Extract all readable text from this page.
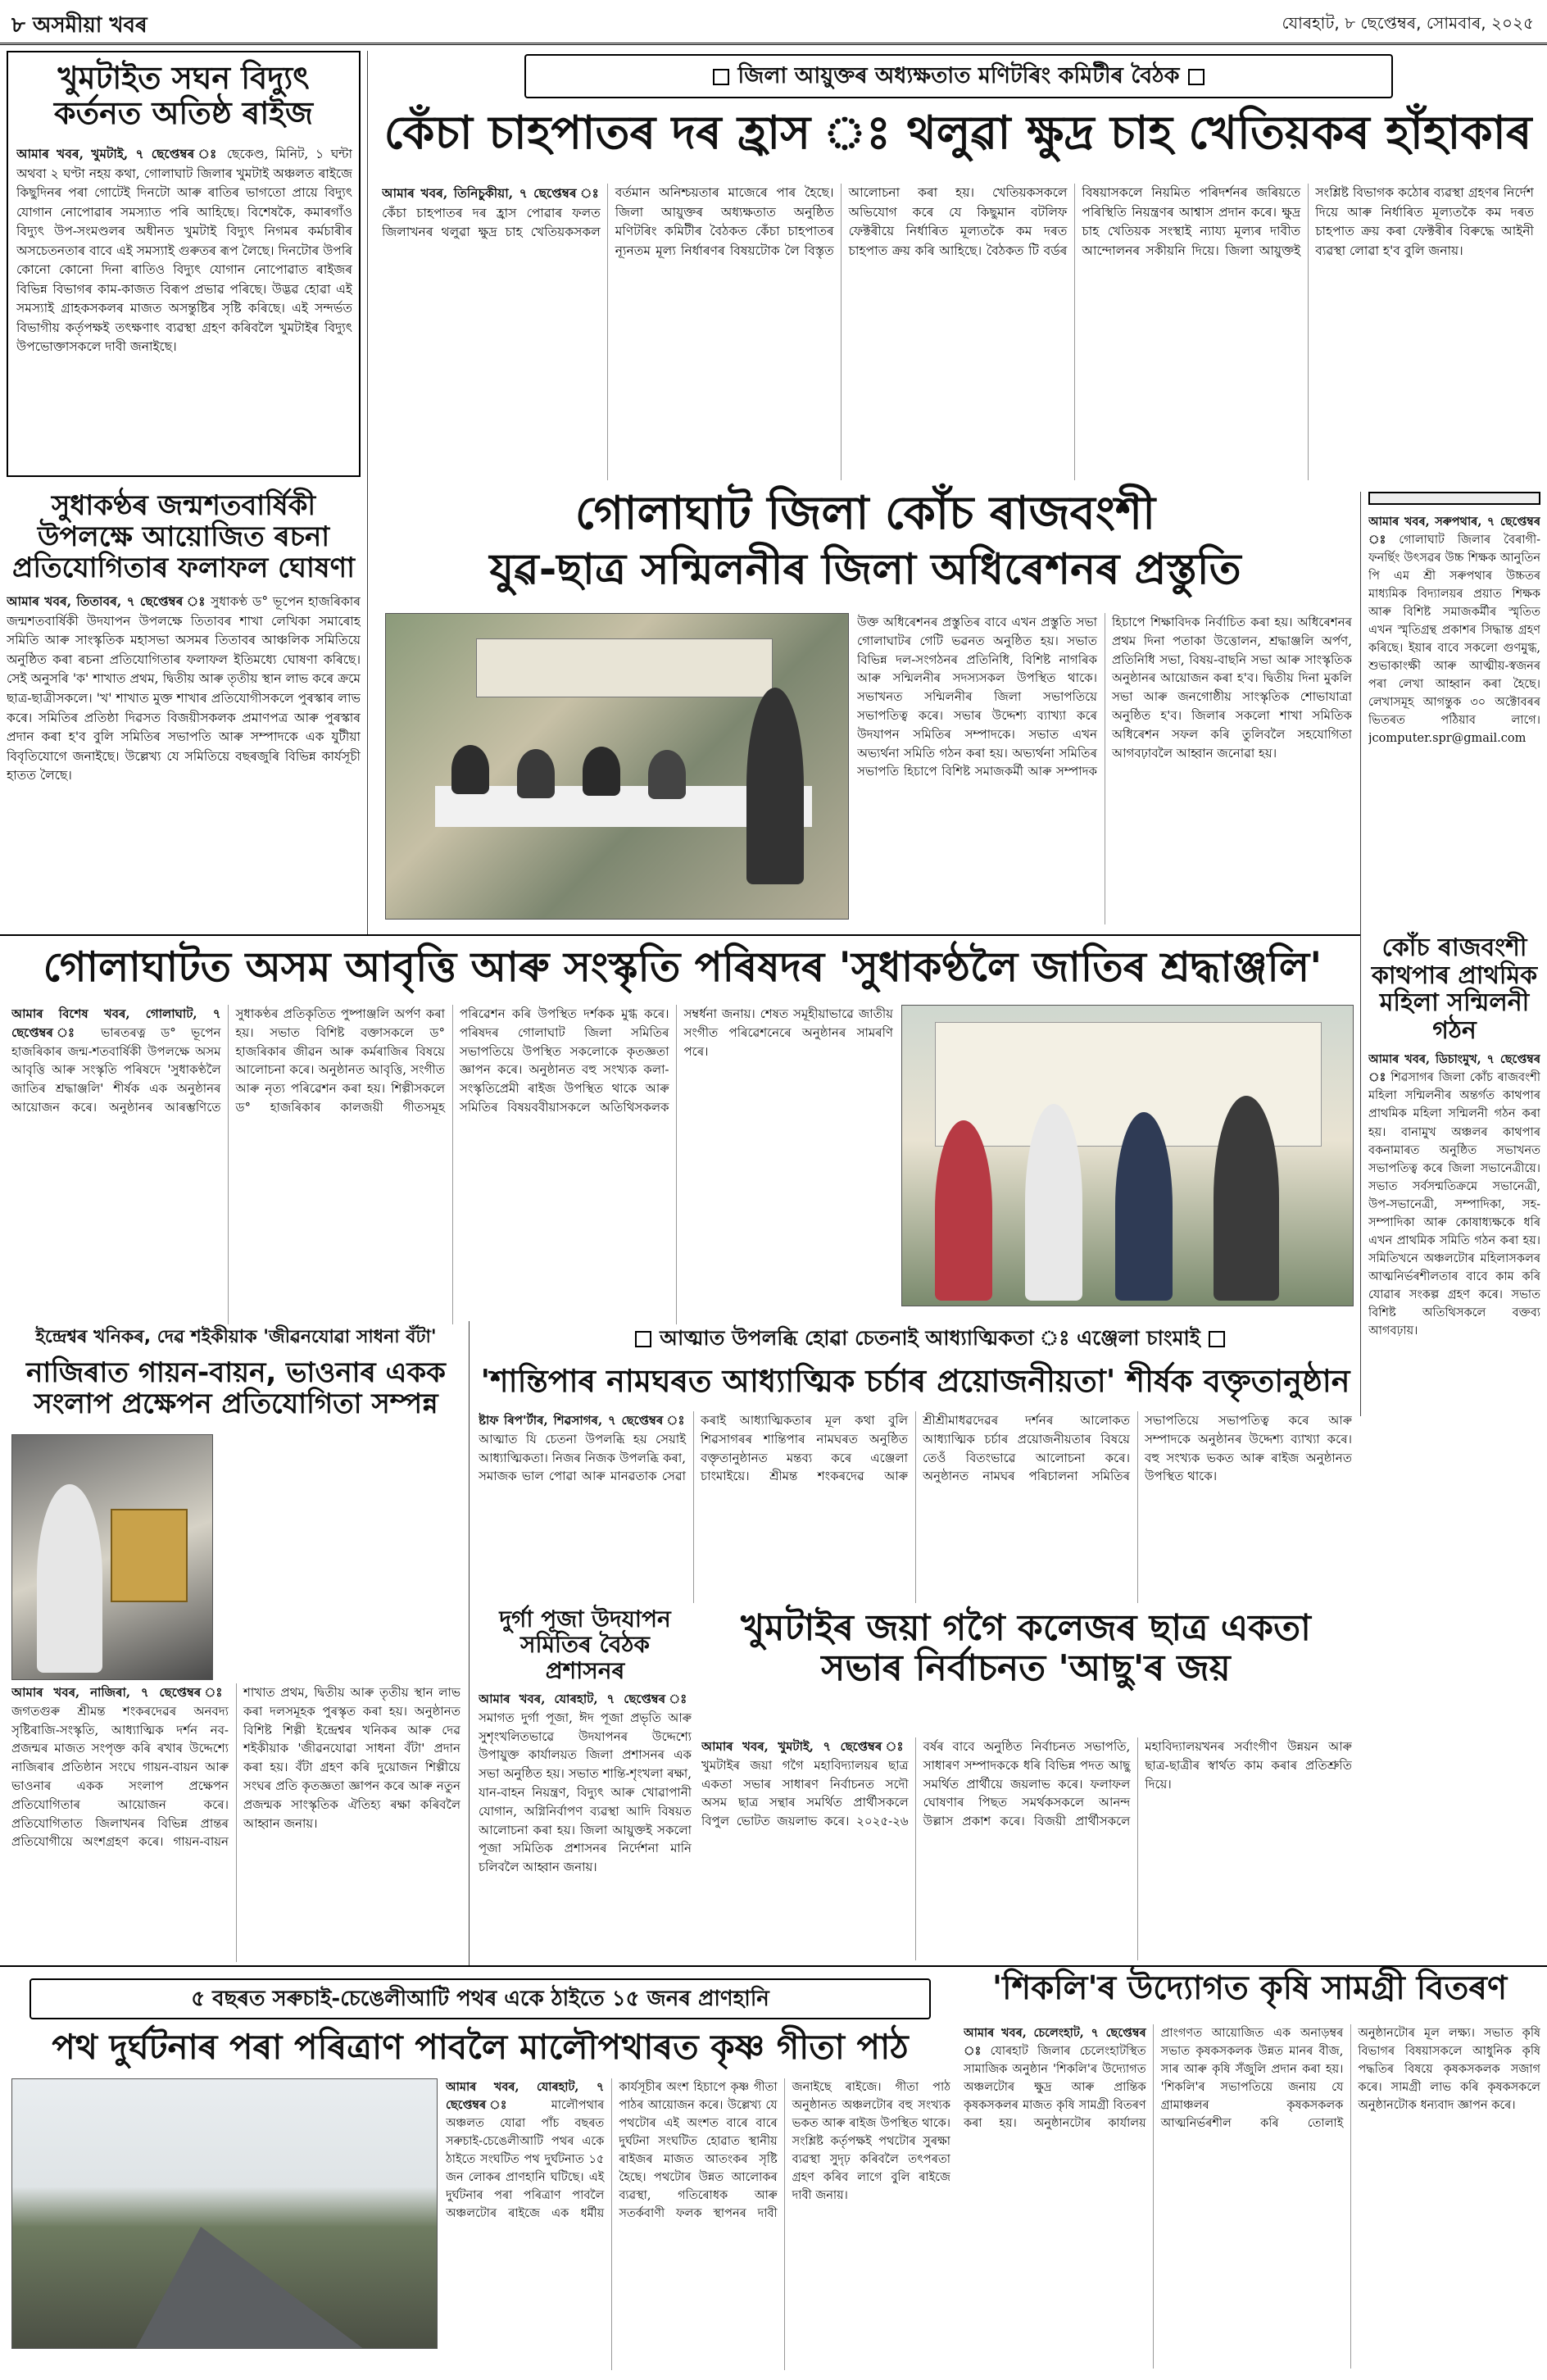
৮ অসমীয়া খবৰ	যোৰহাট, ৮ ছেপ্তেম্বৰ, সোমবাৰ, ২০২৫
খুমটাইত সঘন বিদ্যুৎ কৰ্তনত অতিষ্ঠ ৰাইজ
আমাৰ খবৰ, খুমটাই, ৭ ছেপ্তেম্বৰ ঃ ছেকেণ্ড, মিনিট, ১ ঘন্টা অথবা ২ ঘণ্টা নহয় কথা, গোলাঘাট জিলাৰ খুমটাই অঞ্চলত ৰাইজে কিছুদিনৰ পৰা গোটেই দিনটো আৰু ৰাতিৰ ভাগতো প্ৰায়ে বিদ্যুৎ যোগান নোপোৱাৰ সমস্যাত পৰি আহিছে। বিশেষকৈ, কমাৰগাঁও বিদ্যুৎ উপ-সংমণ্ডলৰ অধীনত খুমটাই বিদ্যুৎ নিগমৰ কৰ্মচাৰীৰ অসচেতনতাৰ বাবে এই সমস্যাই গুৰুতৰ ৰূপ লৈছে। দিনটোৰ উপৰি কোনো কোনো দিনা ৰাতিও বিদ্যুৎ যোগান নোপোৱাত ৰাইজৰ বিভিন্ন বিভাগৰ কাম-কাজত বিৰূপ প্ৰভাৱ পৰিছে। উদ্ভৱ হোৱা এই সমস্যাই গ্ৰাহকসকলৰ মাজত অসন্তুষ্টিৰ সৃষ্টি কৰিছে। এই সন্দৰ্ভত বিভাগীয় কৰ্তৃপক্ষই তৎক্ষণাৎ ব্যৱস্থা গ্ৰহণ কৰিবলৈ খুমটাইৰ বিদ্যুৎ উপভোক্তাসকলে দাবী জনাইছে।
সুধাকণ্ঠৰ জন্মশতবাৰ্ষিকী উপলক্ষে আয়োজিত ৰচনা প্ৰতিযোগিতাৰ ফলাফল ঘোষণা
আমাৰ খবৰ, তিতাবৰ, ৭ ছেপ্তেম্বৰ ঃ সুধাকণ্ঠ ড° ভূপেন হাজৰিকাৰ জন্মশতবাৰ্ষিকী উদযাপন উপলক্ষে তিতাবৰ শাখা লেখিকা সমাৰোহ সমিতি আৰু সাংস্কৃতিক মহাসভা অসমৰ তিতাবৰ আঞ্চলিক সমিতিয়ে অনুষ্ঠিত কৰা ৰচনা প্ৰতিযোগিতাৰ ফলাফল ইতিমধ্যে ঘোষণা কৰিছে। সেই অনুসৰি 'ক' শাখাত প্ৰথম, দ্বিতীয় আৰু তৃতীয় স্থান লাভ কৰে ক্ৰমে ছাত্ৰ-ছাত্ৰীসকলে। 'খ' শাখাত মুক্ত শাখাৰ প্ৰতিযোগীসকলে পুৰস্কাৰ লাভ কৰে। সমিতিৰ প্ৰতিষ্ঠা দিৱসত বিজয়ীসকলক প্ৰমাণপত্ৰ আৰু পুৰস্কাৰ প্ৰদান কৰা হ'ব বুলি সমিতিৰ সভাপতি আৰু সম্পাদকে এক যুটীয়া বিবৃতিযোগে জনাইছে। উল্লেখ্য যে সমিতিয়ে বছৰজুৰি বিভিন্ন কাৰ্যসূচী হাতত লৈছে।
জিলা আয়ুক্তৰ অধ্যক্ষতাত মণিটৰিং কমিটীৰ বৈঠক
কেঁচা চাহপাতৰ দৰ হ্ৰাস ঃ থলুৱা ক্ষুদ্ৰ চাহ খেতিয়কৰ হাঁহাকাৰ
আমাৰ খবৰ, তিনিচুকীয়া, ৭ ছেপ্তেম্বৰ ঃ কেঁচা চাহপাতৰ দৰ হ্ৰাস পোৱাৰ ফলত জিলাখনৰ থলুৱা ক্ষুদ্ৰ চাহ খেতিয়কসকল বৰ্তমান অনিশ্চয়তাৰ মাজেৰে পাৰ হৈছে। জিলা আয়ুক্তৰ অধ্যক্ষতাত অনুষ্ঠিত মণিটৰিং কমিটীৰ বৈঠকত কেঁচা চাহপাতৰ ন্যূনতম মূল্য নিৰ্ধাৰণৰ বিষয়টোক লৈ বিস্তৃত আলোচনা কৰা হয়। খেতিয়কসকলে অভিযোগ কৰে যে কিছুমান বটলিফ ফেক্টৰীয়ে নিৰ্ধাৰিত মূল্যতকৈ কম দৰত চাহপাত ক্ৰয় কৰি আহিছে। বৈঠকত টি বৰ্ডৰ বিষয়াসকলে নিয়মিত পৰিদৰ্শনৰ জৰিয়তে পৰিস্থিতি নিয়ন্ত্ৰণৰ আশ্বাস প্ৰদান কৰে। ক্ষুদ্ৰ চাহ খেতিয়ক সংস্থাই ন্যায্য মূল্যৰ দাবীত আন্দোলনৰ সকীয়নি দিয়ে। জিলা আয়ুক্তই সংশ্লিষ্ট বিভাগক কঠোৰ ব্যৱস্থা গ্ৰহণৰ নিৰ্দেশ দিয়ে আৰু নিৰ্ধাৰিত মূল্যতকৈ কম দৰত চাহপাত ক্ৰয় কৰা ফেক্টৰীৰ বিৰুদ্ধে আইনী ব্যৱস্থা লোৱা হ'ব বুলি জনায়।
আমাৰ খবৰ, সৰুপথাৰ, ৭ ছেপ্তেম্বৰ ঃ গোলাঘাট জিলাৰ বৈৰাগী-ফনৰ্ছিং উৎসৱৰ উচ্চ শিক্ষক আনুতিন পি এম শ্ৰী সৰুপথাৰ উচ্চতৰ মাধ্যমিক বিদ্যালয়ৰ প্ৰয়াত শিক্ষক আৰু বিশিষ্ট সমাজকৰ্মীৰ স্মৃতিত এখন স্মৃতিগ্ৰন্থ প্ৰকাশৰ সিদ্ধান্ত গ্ৰহণ কৰিছে। ইয়াৰ বাবে সকলো গুণমুগ্ধ, শুভাকাংক্ষী আৰু আত্মীয়-স্বজনৰ পৰা লেখা আহ্বান কৰা হৈছে। লেখাসমূহ আগন্তুক ৩০ অক্টোবৰৰ ভিতৰত পঠিয়াব লাগে। jcomputer.spr@gmail.com
গোলাঘাট জিলা কোঁচ ৰাজবংশী
যুৱ-ছাত্ৰ সন্মিলনীৰ জিলা অধিৰেশনৰ প্ৰস্তুতি
উক্ত অধিৰেশনৰ প্ৰস্তুতিৰ বাবে এখন প্ৰস্তুতি সভা গোলাঘাটৰ গেটি ভৱনত অনুষ্ঠিত হয়। সভাত বিভিন্ন দল-সংগঠনৰ প্ৰতিনিধি, বিশিষ্ট নাগৰিক আৰু সন্মিলনীৰ সদস্যসকল উপস্থিত থাকে। সভাখনত সন্মিলনীৰ জিলা সভাপতিয়ে সভাপতিত্ব কৰে। সভাৰ উদ্দেশ্য ব্যাখ্যা কৰে উদযাপন সমিতিৰ সম্পাদকে। সভাত এখন অভ্যৰ্থনা সমিতি গঠন কৰা হয়। অভ্যৰ্থনা সমিতিৰ সভাপতি হিচাপে বিশিষ্ট সমাজকৰ্মী আৰু সম্পাদক হিচাপে শিক্ষাবিদক নিৰ্বাচিত কৰা হয়। অধিৰেশনৰ প্ৰথম দিনা পতাকা উত্তোলন, শ্ৰদ্ধাঞ্জলি অৰ্পণ, প্ৰতিনিধি সভা, বিষয়-বাছনি সভা আৰু সাংস্কৃতিক অনুষ্ঠানৰ আয়োজন কৰা হ'ব। দ্বিতীয় দিনা মুকলি সভা আৰু জনগোষ্ঠীয় সাংস্কৃতিক শোভাযাত্ৰা অনুষ্ঠিত হ'ব। জিলাৰ সকলো শাখা সমিতিক অধিৰেশন সফল কৰি তুলিবলৈ সহযোগিতা আগবঢ়াবলৈ আহ্বান জনোৱা হয়।
গোলাঘাটত অসম আবৃত্তি আৰু সংস্কৃতি পৰিষদৰ 'সুধাকণ্ঠলৈ জাতিৰ শ্ৰদ্ধাঞ্জলি'
আমাৰ বিশেষ খবৰ, গোলাঘাট, ৭ ছেপ্তেম্বৰ ঃ ভাৰতৰত্ন ড° ভূপেন হাজৰিকাৰ জন্ম-শতবাৰ্ষিকী উপলক্ষে অসম আবৃত্তি আৰু সংস্কৃতি পৰিষদে 'সুধাকণ্ঠলৈ জাতিৰ শ্ৰদ্ধাঞ্জলি' শীৰ্ষক এক অনুষ্ঠানৰ আয়োজন কৰে। অনুষ্ঠানৰ আৰম্ভণিতে সুধাকণ্ঠৰ প্ৰতিকৃতিত পুষ্পাঞ্জলি অৰ্পণ কৰা হয়। সভাত বিশিষ্ট বক্তাসকলে ড° হাজৰিকাৰ জীৱন আৰু কৰ্মৰাজিৰ বিষয়ে আলোচনা কৰে। অনুষ্ঠানত আবৃত্তি, সংগীত আৰু নৃত্য পৰিৱেশন কৰা হয়। শিল্পীসকলে ড° হাজৰিকাৰ কালজয়ী গীতসমূহ পৰিৱেশন কৰি উপস্থিত দৰ্শকক মুগ্ধ কৰে। পৰিষদৰ গোলাঘাট জিলা সমিতিৰ সভাপতিয়ে উপস্থিত সকলোকে কৃতজ্ঞতা জ্ঞাপন কৰে। অনুষ্ঠানত বহু সংখ্যক কলা-সংস্কৃতিপ্ৰেমী ৰাইজ উপস্থিত থাকে আৰু সমিতিৰ বিষয়ববীয়াসকলে অতিথিসকলক সম্বৰ্ধনা জনায়। শেষত সমূহীয়াভাৱে জাতীয় সংগীত পৰিৱেশনেৰে অনুষ্ঠানৰ সামৰণি পৰে।
ইন্দ্ৰেশ্বৰ খনিকৰ, দেৱ শইকীয়াক 'জীৱনযোৱা সাধনা বঁটা'
নাজিৰাত গায়ন-বায়ন, ভাওনাৰ একক সংলাপ প্ৰক্ষেপন প্ৰতিযোগিতা সম্পন্ন
আমাৰ খবৰ, নাজিৰা, ৭ ছেপ্তেম্বৰ ঃ জগতগুৰু শ্ৰীমন্ত শংকৰদেৱৰ অনবদ্য সৃষ্টিৰাজি-সংস্কৃতি, আধ্যাত্মিক দৰ্শন নব-প্ৰজন্মৰ মাজত সংপৃক্ত কৰি ৰখাৰ উদ্দেশ্যে নাজিৰাৰ প্ৰতিষ্ঠান সংঘে গায়ন-বায়ন আৰু ভাওনাৰ একক সংলাপ প্ৰক্ষেপন প্ৰতিযোগিতাৰ আয়োজন কৰে। প্ৰতিযোগিতাত জিলাখনৰ বিভিন্ন প্ৰান্তৰ প্ৰতিযোগীয়ে অংশগ্ৰহণ কৰে। গায়ন-বায়ন শাখাত প্ৰথম, দ্বিতীয় আৰু তৃতীয় স্থান লাভ কৰা দলসমূহক পুৰস্কৃত কৰা হয়। অনুষ্ঠানত বিশিষ্ট শিল্পী ইন্দ্ৰেশ্বৰ খনিকৰ আৰু দেৱ শইকীয়াক 'জীৱনযোৱা সাধনা বঁটা' প্ৰদান কৰা হয়। বঁটা গ্ৰহণ কৰি দুয়োজন শিল্পীয়ে সংঘৰ প্ৰতি কৃতজ্ঞতা জ্ঞাপন কৰে আৰু নতুন প্ৰজন্মক সাংস্কৃতিক ঐতিহ্য ৰক্ষা কৰিবলৈ আহ্বান জনায়।
আত্মাত উপলব্ধি হোৱা চেতনাই আধ্যাত্মিকতা ঃ এঞ্জেলা চাংমাই
'শান্তিপাৰ নামঘৰত আধ্যাত্মিক চৰ্চাৰ প্ৰয়োজনীয়তা' শীৰ্ষক বক্তৃতানুষ্ঠান
ষ্টাফ ৰিপ'ৰ্টাৰ, শিৱসাগৰ, ৭ ছেপ্তেম্বৰ ঃ আত্মাত যি চেতনা উপলব্ধি হয় সেয়াই আধ্যাত্মিকতা। নিজৰ নিজক উপলব্ধি কৰা, সমাজক ভাল পোৱা আৰু মানৱতাক সেৱা কৰাই আধ্যাত্মিকতাৰ মূল কথা বুলি শিৱসাগৰৰ শান্তিপাৰ নামঘৰত অনুষ্ঠিত বক্তৃতানুষ্ঠানত মন্তব্য কৰে এঞ্জেলা চাংমাইয়ে। শ্ৰীমন্ত শংকৰদেৱ আৰু শ্ৰীশ্ৰীমাধৱদেৱৰ দৰ্শনৰ আলোকত আধ্যাত্মিক চৰ্চাৰ প্ৰয়োজনীয়তাৰ বিষয়ে তেওঁ বিতংভাৱে আলোচনা কৰে। অনুষ্ঠানত নামঘৰ পৰিচালনা সমিতিৰ সভাপতিয়ে সভাপতিত্ব কৰে আৰু সম্পাদকে অনুষ্ঠানৰ উদ্দেশ্য ব্যাখ্যা কৰে। বহু সংখ্যক ভকত আৰু ৰাইজ অনুষ্ঠানত উপস্থিত থাকে।
দুৰ্গা পূজা উদযাপন সমিতিৰ বৈঠক প্ৰশাসনৰ
আমাৰ খবৰ, যোৰহাট, ৭ ছেপ্তেম্বৰ ঃ সমাগত দুৰ্গা পূজা, ঈদ পূজা প্ৰভৃতি আৰু সুশৃংখলিতভাৱে উদযাপনৰ উদ্দেশ্যে উপায়ুক্ত কাৰ্যালয়ত জিলা প্ৰশাসনৰ এক সভা অনুষ্ঠিত হয়। সভাত শান্তি-শৃংখলা ৰক্ষা, যান-বাহন নিয়ন্ত্ৰণ, বিদ্যুৎ আৰু খোৱাপানী যোগান, অগ্নিনিৰ্বাপণ ব্যৱস্থা আদি বিষয়ত আলোচনা কৰা হয়। জিলা আয়ুক্তই সকলো পূজা সমিতিক প্ৰশাসনৰ নিৰ্দেশনা মানি চলিবলৈ আহ্বান জনায়।
খুমটাইৰ জয়া গগৈ কলেজৰ ছাত্ৰ একতা সভাৰ নিৰ্বাচনত 'আছু'ৰ জয়
আমাৰ খবৰ, খুমটাই, ৭ ছেপ্তেম্বৰ ঃ খুমটাইৰ জয়া গগৈ মহাবিদ্যালয়ৰ ছাত্ৰ একতা সভাৰ সাধাৰণ নিৰ্বাচনত সদৌ অসম ছাত্ৰ সন্থাৰ সমৰ্থিত প্ৰাৰ্থীসকলে বিপুল ভোটত জয়লাভ কৰে। ২০২৫-২৬ বৰ্ষৰ বাবে অনুষ্ঠিত নিৰ্বাচনত সভাপতি, সাধাৰণ সম্পাদককে ধৰি বিভিন্ন পদত আছু সমৰ্থিত প্ৰাৰ্থীয়ে জয়লাভ কৰে। ফলাফল ঘোষণাৰ পিছত সমৰ্থকসকলে আনন্দ উল্লাস প্ৰকাশ কৰে। বিজয়ী প্ৰাৰ্থীসকলে মহাবিদ্যালয়খনৰ সৰ্বাংগীণ উন্নয়ন আৰু ছাত্ৰ-ছাত্ৰীৰ স্বাৰ্থত কাম কৰাৰ প্ৰতিশ্ৰুতি দিয়ে।
কোঁচ ৰাজবংশী কাথপাৰ প্ৰাথমিক মহিলা সন্মিলনী গঠন
আমাৰ খবৰ, ডিচাংমুখ, ৭ ছেপ্তেম্বৰ ঃ শিৱসাগৰ জিলা কোঁচ ৰাজবংশী মহিলা সন্মিলনীৰ অন্তৰ্গত কাথপাৰ প্ৰাথমিক মহিলা সন্মিলনী গঠন কৰা হয়। বানামুখ অঞ্চলৰ কাথপাৰ বকনামাৰত অনুষ্ঠিত সভাখনত সভাপতিত্ব কৰে জিলা সভানেত্ৰীয়ে। সভাত সৰ্বসন্মতিক্ৰমে সভানেত্ৰী, উপ-সভানেত্ৰী, সম্পাদিকা, সহ-সম্পাদিকা আৰু কোষাধ্যক্ষকে ধৰি এখন প্ৰাথমিক সমিতি গঠন কৰা হয়। সমিতিখনে অঞ্চলটোৰ মহিলাসকলৰ আত্মনিৰ্ভৰশীলতাৰ বাবে কাম কৰি যোৱাৰ সংকল্প গ্ৰহণ কৰে। সভাত বিশিষ্ট অতিথিসকলে বক্তব্য আগবঢ়ায়।
'শিকলি'ৰ উদ্যোগত কৃষি সামগ্ৰী বিতৰণ
আমাৰ খবৰ, চেলেংহাট, ৭ ছেপ্তেম্বৰ ঃ যোৰহাট জিলাৰ চেলেংহাটস্থিত সামাজিক অনুষ্ঠান 'শিকলি'ৰ উদ্যোগত অঞ্চলটোৰ ক্ষুদ্ৰ আৰু প্ৰান্তিক কৃষকসকলৰ মাজত কৃষি সামগ্ৰী বিতৰণ কৰা হয়। অনুষ্ঠানটোৰ কাৰ্যালয় প্ৰাংগণত আয়োজিত এক অনাড়ম্বৰ সভাত কৃষকসকলক উন্নত মানৰ বীজ, সাৰ আৰু কৃষি সঁজুলি প্ৰদান কৰা হয়। 'শিকলি'ৰ সভাপতিয়ে জনায় যে গ্ৰামাঞ্চলৰ কৃষকসকলক আত্মনিৰ্ভৰশীল কৰি তোলাই অনুষ্ঠানটোৰ মূল লক্ষ্য। সভাত কৃষি বিভাগৰ বিষয়াসকলে আধুনিক কৃষি পদ্ধতিৰ বিষয়ে কৃষকসকলক সজাগ কৰে। সামগ্ৰী লাভ কৰি কৃষকসকলে অনুষ্ঠানটোক ধন্যবাদ জ্ঞাপন কৰে।
৫ বছৰত সৰুচাই-চেঙেলীআটি পথৰ একে ঠাইতে ১৫ জনৰ প্ৰাণহানি
পথ দুৰ্ঘটনাৰ পৰা পৰিত্ৰাণ পাবলৈ মালৌপথাৰত কৃষ্ণ গীতা পাঠ
আমাৰ খবৰ, যোৰহাট, ৭ ছেপ্তেম্বৰ ঃ মালৌপথাৰ অঞ্চলত যোৱা পাঁচ বছৰত সৰুচাই-চেঙেলীআটি পথৰ একে ঠাইতে সংঘটিত পথ দুৰ্ঘটনাত ১৫ জন লোকৰ প্ৰাণহানি ঘটিছে। এই দুৰ্ঘটনাৰ পৰা পৰিত্ৰাণ পাবলৈ অঞ্চলটোৰ ৰাইজে এক ধৰ্মীয় কাৰ্যসূচীৰ অংশ হিচাপে কৃষ্ণ গীতা পাঠৰ আয়োজন কৰে। উল্লেখ্য যে পথটোৰ এই অংশত বাৰে বাৰে দুৰ্ঘটনা সংঘটিত হোৱাত স্থানীয় ৰাইজৰ মাজত আতংকৰ সৃষ্টি হৈছে। পথটোৰ উন্নত আলোকৰ ব্যৱস্থা, গতিৰোধক আৰু সতৰ্কবাণী ফলক স্থাপনৰ দাবী জনাইছে ৰাইজে। গীতা পাঠ অনুষ্ঠানত অঞ্চলটোৰ বহু সংখ্যক ভকত আৰু ৰাইজ উপস্থিত থাকে। সংশ্লিষ্ট কৰ্তৃপক্ষই পথটোৰ সুৰক্ষা ব্যৱস্থা সুদৃঢ় কৰিবলৈ তৎপৰতা গ্ৰহণ কৰিব লাগে বুলি ৰাইজে দাবী জনায়।
